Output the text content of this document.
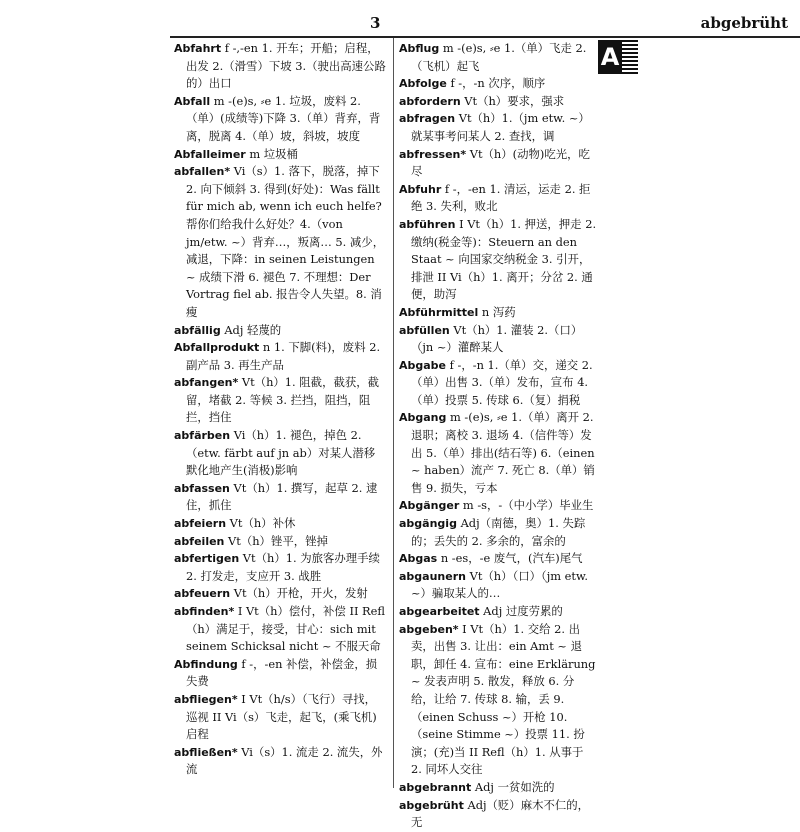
3	abgebrüht
A

Abfahrt f -,-en 1. 开车；开船；启程，出发 2.（滑雪）下坡 3.（驶出高速公路的）出口

Abfall m -(e)s, ⸗e 1. 垃圾，废料 2.（单）(成绩等)下降 3.（单）背弃，背离，脱离 4.（单）坡，斜坡，坡度

Abfalleimer m 垃圾桶

abfallen* Vi（s）1. 落下，脱落，掉下 2. 向下倾斜 3. 得到(好处)：Was fällt für mich ab, wenn ich euch helfe? 帮你们给我什么好处？4.（von jm/etw. ~）背弃…，叛离… 5. 减少，减退，下降：in seinen Leistungen ~ 成绩下滑 6. 褪色 7. 不理想：Der Vortrag fiel ab. 报告令人失望。8. 消瘦

abfällig Adj 轻蔑的

Abfallprodukt n 1. 下脚(料)，废料 2. 副产品 3. 再生产品

abfangen* Vt（h）1. 阻截，截获，截留，堵截 2. 等候 3. 拦挡，阻挡，阻拦，挡住

abfärben Vi（h）1. 褪色，掉色 2.（etw. färbt auf jn ab）对某人潜移默化地产生(消极)影响

abfassen Vt（h）1. 撰写，起草 2. 逮住，抓住

abfeiern Vt（h）补休

abfeilen Vt（h）锉平，锉掉

abfertigen Vt（h）1. 为旅客办理手续 2. 打发走，支应开 3. 战胜

abfeuern Vt（h）开枪，开火，发射

abfinden* I Vt（h）偿付，补偿 II Refl（h）满足于，接受，甘心：sich mit seinem Schicksal nicht ~ 不服天命

Abfindung f -，-en 补偿，补偿金，损失费

abfliegen* I Vt（h/s）（飞行）寻找，巡视 II Vi（s）飞走，起飞，(乘飞机)启程

abfließen* Vi（s）1. 流走 2. 流失，外流

Abflug m -(e)s, ⸗e 1.（单）飞走 2.（飞机）起飞

Abfolge f -，-n 次序，顺序

abfordern Vt（h）要求，强求

abfragen Vt（h）1.（jm etw. ~）就某事考问某人 2. 查找，调

abfressen* Vt（h）(动物)吃光，吃尽

Abfuhr f -，-en 1. 清运，运走 2. 拒绝 3. 失利，败北

abführen I Vt（h）1. 押送，押走 2. 缴纳(税金等)：Steuern an den Staat ~ 向国家交纳税金 3. 引开，排泄 II Vi（h）1. 离开；分岔 2. 通便，助泻

Abführmittel n 泻药

abfüllen Vt（h）1. 灌装 2.（口）（jn ~）灌醉某人

Abgabe f -，-n 1.（单）交，递交 2.（单）出售 3.（单）发布，宣布 4.（单）投票 5. 传球 6.（复）捐税

Abgang m -(e)s, ⸗e 1.（单）离开 2. 退职；离校 3. 退场 4.（信件等）发出 5.（单）排出(结石等) 6.（einen ~ haben）流产 7. 死亡 8.（单）销售 9. 损失，亏本

Abgänger m -s，-（中小学）毕业生

abgängig Adj（南德，奥）1. 失踪的；丢失的 2. 多余的，富余的

Abgas n -es，-e 废气，(汽车)尾气

abgaunern Vt（h）（口）（jm etw. ~）骗取某人的…

abgearbeitet Adj 过度劳累的

abgeben* I Vt（h）1. 交给 2. 出卖，出售 3. 让出：ein Amt ~ 退职，卸任 4. 宣布：eine Erklärung ~ 发表声明 5. 散发，释放 6. 分给，让给 7. 传球 8. 输，丢 9.（einen Schuss ~）开枪 10.（seine Stimme ~）投票 11. 扮演；(充)当 II Refl（h）1. 从事于 2. 同坏人交往

abgebrannt Adj 一贫如洗的

abgebrüht Adj（贬）麻木不仁的，无
